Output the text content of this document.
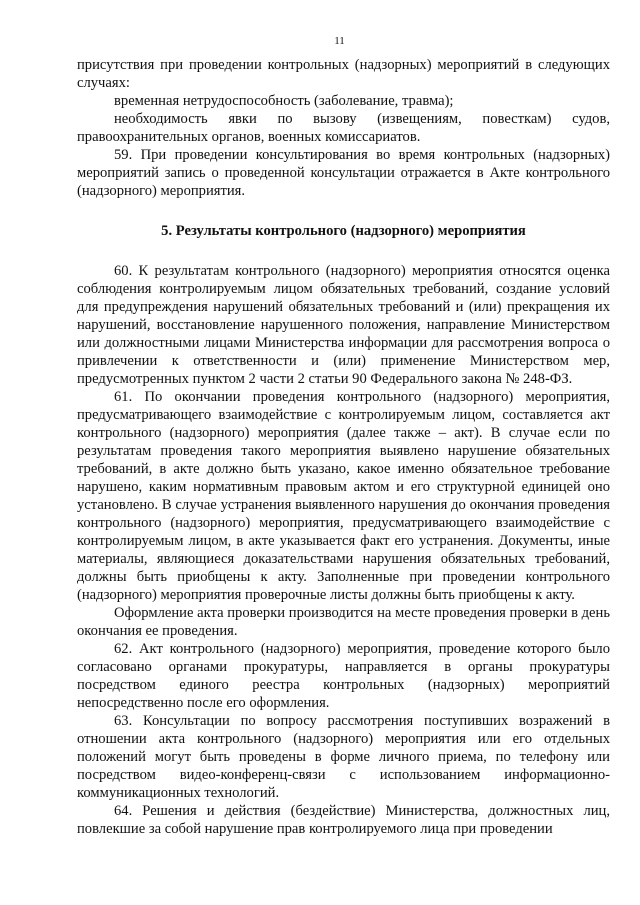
11

присутствия при проведении контрольных (надзорных) мероприятий в следующих случаях:

временная нетрудоспособность (заболевание, травма);

необходимость явки по вызову (извещениям, повесткам) судов, правоохранительных органов, военных комиссариатов.

59. При проведении консультирования во время контрольных (надзорных) мероприятий запись о проведенной консультации отражается в Акте контрольного (надзорного) мероприятия.

5. Результаты контрольного (надзорного) мероприятия

60. К результатам контрольного (надзорного) мероприятия относятся оценка соблюдения контролируемым лицом обязательных требований, создание условий для предупреждения нарушений обязательных требований и (или) прекращения их нарушений, восстановление нарушенного положения, направление Министерством или должностными лицами Министерства информации для рассмотрения вопроса о привлечении к ответственности и (или) применение Министерством мер, предусмотренных пунктом 2 части 2 статьи 90 Федерального закона № 248-ФЗ.

61. По окончании проведения контрольного (надзорного) мероприятия, предусматривающего взаимодействие с контролируемым лицом, составляется акт контрольного (надзорного) мероприятия (далее также – акт). В случае если по результатам проведения такого мероприятия выявлено нарушение обязательных требований, в акте должно быть указано, какое именно обязательное требование нарушено, каким нормативным правовым актом и его структурной единицей оно установлено. В случае устранения выявленного нарушения до окончания проведения контрольного (надзорного) мероприятия, предусматривающего взаимодействие с контролируемым лицом, в акте указывается факт его устранения. Документы, иные материалы, являющиеся доказательствами нарушения обязательных требований, должны быть приобщены к акту. Заполненные при проведении контрольного (надзорного) мероприятия проверочные листы должны быть приобщены к акту.

Оформление акта проверки производится на месте проведения проверки в день окончания ее проведения.

62. Акт контрольного (надзорного) мероприятия, проведение которого было согласовано органами прокуратуры, направляется в органы прокуратуры посредством единого реестра контрольных (надзорных) мероприятий непосредственно после его оформления.

63. Консультации по вопросу рассмотрения поступивших возражений в отношении акта контрольного (надзорного) мероприятия или его отдельных положений могут быть проведены в форме личного приема, по телефону или посредством видео-конференц-связи с использованием информационно-коммуникационных технологий.

64. Решения и действия (бездействие) Министерства, должностных лиц, повлекшие за собой нарушение прав контролируемого лица при проведении
